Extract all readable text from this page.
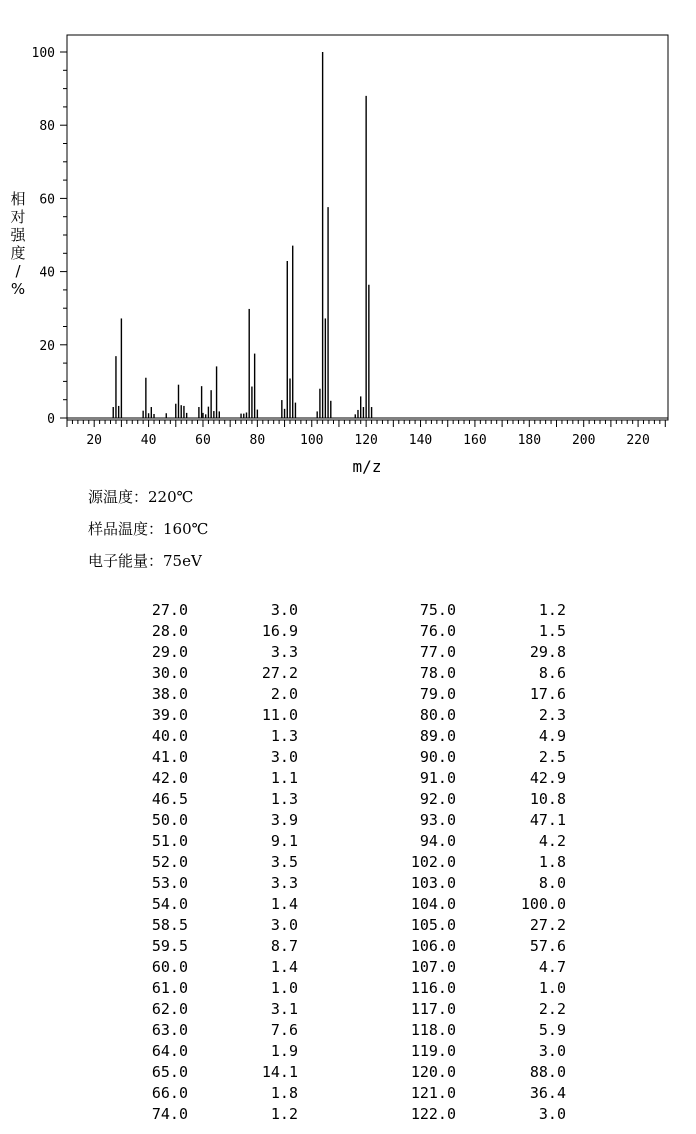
0
20
40
60
80
100
20	40	60	80	100 120 140 160 180 200 220
m/z
相
对
强
度
/
%
源温度：220℃
样品温度：160℃
电子能量：75eV
27.0	3.0
28.0	16.9
29.0	3.3
30.0	27.2
38.0	2.0
39.0	11.0
40.0	1.3
41.0	3.0
42.0	1.1
46.5	1.3
50.0	3.9
51.0	9.1
52.0	3.5
53.0	3.3
54.0	1.4
58.5	3.0
59.5	8.7
60.0	1.4
61.0	1.0
62.0	3.1
63.0	7.6
64.0	1.9
65.0	14.1
66.0	1.8
74.0	1.2
75.0	1.2
76.0	1.5
77.0	29.8
78.0	8.6
79.0	17.6
80.0	2.3
89.0	4.9
90.0	2.5
91.0	42.9
92.0	10.8
93.0	47.1
94.0	4.2
102.0	1.8
103.0	8.0
104.0	100.0
105.0	27.2
106.0	57.6
107.0	4.7
116.0	1.0
117.0	2.2
118.0	5.9
119.0	3.0
120.0	88.0
121.0	36.4
122.0	3.0
